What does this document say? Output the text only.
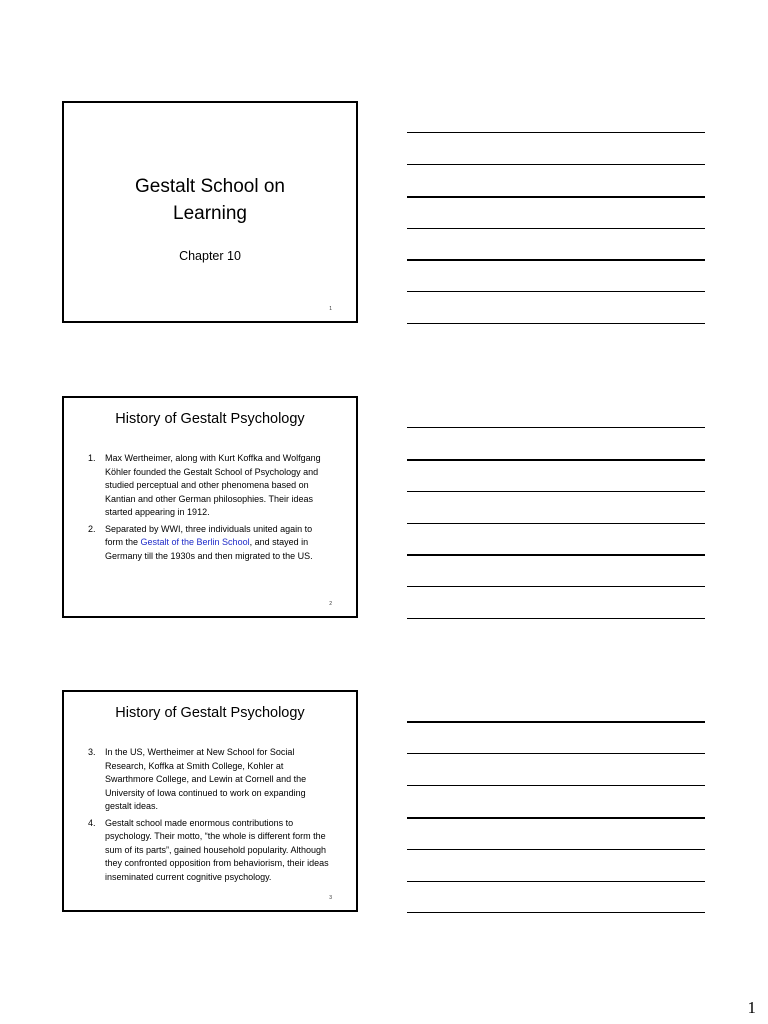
Gestalt School on
Learning
Chapter 10
1
History of Gestalt Psychology
1. Max Wertheimer, along with Kurt Koffka and Wolfgang Köhler founded the Gestalt School of Psychology and studied perceptual and other phenomena based on Kantian and other German philosophies. Their ideas started appearing in 1912.
2. Separated by WWI, three individuals united again to form the Gestalt of the Berlin School, and stayed in Germany till the 1930s and then migrated to the US.
2
History of Gestalt Psychology
3. In the US, Wertheimer at New School for Social Research, Koffka at Smith College, Kohler at Swarthmore College, and Lewin at Cornell and the University of Iowa continued to work on expanding gestalt ideas.
4. Gestalt school made enormous contributions to psychology. Their motto, “the whole is different form the sum of its parts”, gained household popularity. Although they confronted opposition from behaviorism, their ideas inseminated current cognitive psychology.
3
1
